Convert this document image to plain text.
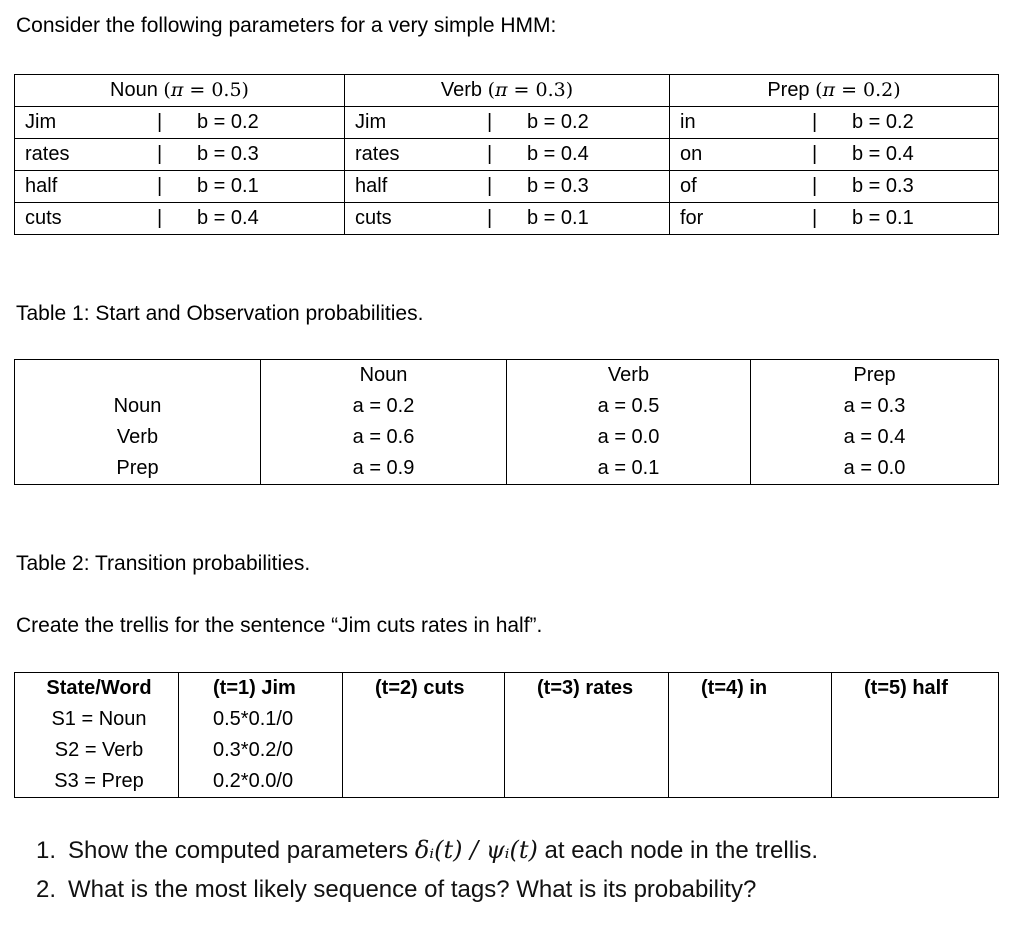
Consider the following parameters for a very simple HMM:
Noun (π = 0.5)	Verb (π = 0.3)	Prep (π = 0.2)
Jim | b = 0.2	Jim | b = 0.2	in | b = 0.2
rates | b = 0.3	rates | b = 0.4	on | b = 0.4
half | b = 0.1	half | b = 0.3	of | b = 0.3
cuts | b = 0.4	cuts | b = 0.1	for | b = 0.1
Table 1: Start and Observation probabilities.
	Noun	Verb	Prep
Noun	a = 0.2	a = 0.5	a = 0.3
Verb	a = 0.6	a = 0.0	a = 0.4
Prep	a = 0.9	a = 0.1	a = 0.0
Table 2: Transition probabilities.
Create the trellis for the sentence “Jim cuts rates in half”.
State/Word	(t=1) Jim	(t=2) cuts	(t=3) rates	(t=4) in	(t=5) half
S1 = Noun	0.5*0.1/0				
S2 = Verb	0.3*0.2/0				
S3 = Prep	0.2*0.0/0				
1. Show the computed parameters δᵢ(t) / ψᵢ(t) at each node in the trellis.
2. What is the most likely sequence of tags? What is its probability?
